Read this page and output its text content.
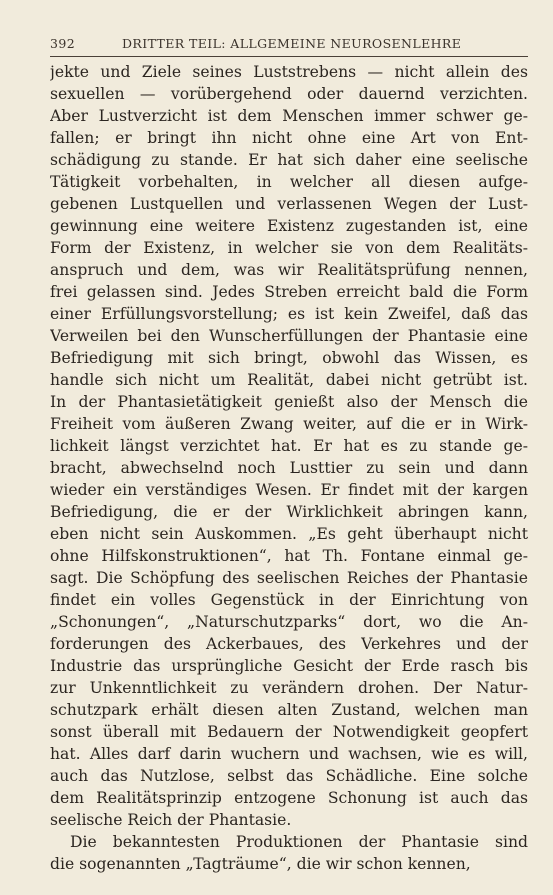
392	DRITTER TEIL: ALLGEMEINE NEUROSENLEHRE
jekte und Ziele seines Luststrebens — nicht allein des
sexuellen — vorübergehend oder dauernd verzichten.
Aber Lustverzicht ist dem Menschen immer schwer ge-
fallen; er bringt ihn nicht ohne eine Art von Ent-
schädigung zu stande. Er hat sich daher eine seelische
Tätigkeit vorbehalten, in welcher all diesen aufge-
gebenen Lustquellen und verlassenen Wegen der Lust-
gewinnung eine weitere Existenz zugestanden ist, eine
Form der Existenz, in welcher sie von dem Realitäts-
anspruch und dem, was wir Realitätsprüfung nennen,
frei gelassen sind. Jedes Streben erreicht bald die Form
einer Erfüllungsvorstellung; es ist kein Zweifel, daß das
Verweilen bei den Wunscherfüllungen der Phantasie eine
Befriedigung mit sich bringt, obwohl das Wissen, es
handle sich nicht um Realität, dabei nicht getrübt ist.
In der Phantasietätigkeit genießt also der Mensch die
Freiheit vom äußeren Zwang weiter, auf die er in Wirk-
lichkeit längst verzichtet hat. Er hat es zu stande ge-
bracht, abwechselnd noch Lusttier zu sein und dann
wieder ein verständiges Wesen. Er findet mit der kargen
Befriedigung, die er der Wirklichkeit abringen kann,
eben nicht sein Auskommen. „Es geht überhaupt nicht
ohne Hilfskonstruktionen“, hat Th. Fontane einmal ge-
sagt. Die Schöpfung des seelischen Reiches der Phantasie
findet ein volles Gegenstück in der Einrichtung von
„Schonungen“, „Naturschutzparks“ dort, wo die An-
forderungen des Ackerbaues, des Verkehres und der
Industrie das ursprüngliche Gesicht der Erde rasch bis
zur Unkenntlichkeit zu verändern drohen. Der Natur-
schutzpark erhält diesen alten Zustand, welchen man
sonst überall mit Bedauern der Notwendigkeit geopfert
hat. Alles darf darin wuchern und wachsen, wie es will,
auch das Nutzlose, selbst das Schädliche. Eine solche
dem Realitätsprinzip entzogene Schonung ist auch das
seelische Reich der Phantasie.
Die bekanntesten Produktionen der Phantasie sind
die sogenannten „Tagträume“, die wir schon kennen,
